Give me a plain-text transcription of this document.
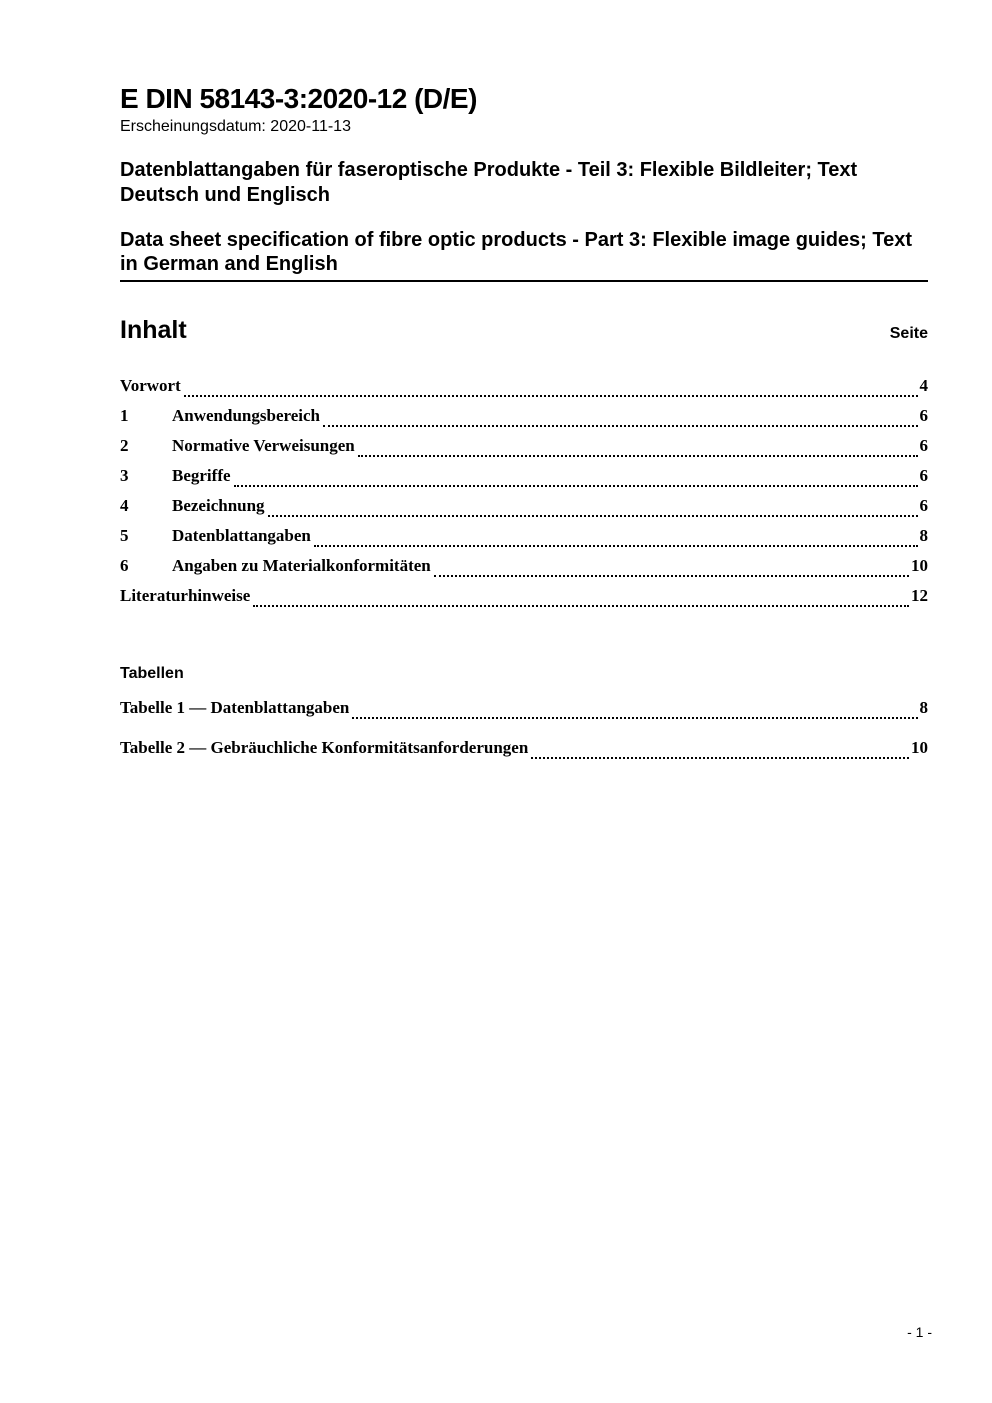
E DIN 58143-3:2020-12 (D/E)
Erscheinungsdatum: 2020-11-13
Datenblattangaben für faseroptische Produkte - Teil 3: Flexible Bildleiter; Text Deutsch und Englisch
Data sheet specification of fibre optic products - Part 3: Flexible image guides; Text in German and English
Inhalt	Seite
Vorwort	4
1	Anwendungsbereich	6
2	Normative Verweisungen	6
3	Begriffe	6
4	Bezeichnung	6
5	Datenblattangaben	8
6	Angaben zu Materialkonformitäten	10
Literaturhinweise	12
Tabellen
Tabelle 1 — Datenblattangaben	8
Tabelle 2 — Gebräuchliche Konformitätsanforderungen	10
- 1 -
